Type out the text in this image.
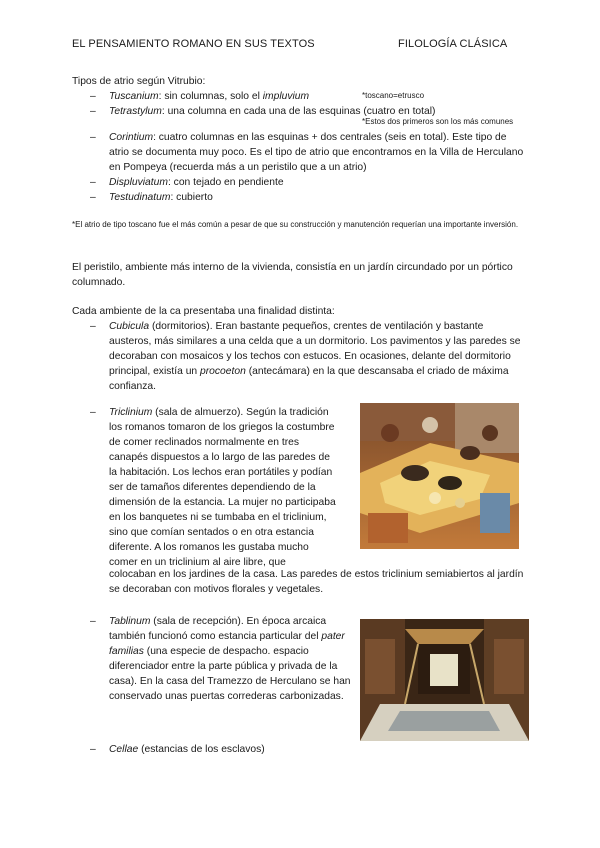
EL PENSAMIENTO ROMANO EN SUS TEXTOS	FILOLOGÍA CLÁSICA
Tipos de atrio según Vitrubio:
– Tuscanium: sin columnas, solo el impluvium
– Tetrastylum: una columna en cada una de las esquinas (cuatro en total)
– Corintium: cuatro columnas en las esquinas + dos centrales (seis en total). Este tipo de atrio se documenta muy poco. Es el tipo de atrio que encontramos en la Villa de Herculano en Pompeya (recuerda más a un peristilo que a un atrio)
– Displuviatum: con tejado en pendiente
– Testudinatum: cubierto
*toscano=etrusco
*Estos dos primeros son los más comunes
*El atrio de tipo toscano fue el más común a pesar de que su construcción y manutención requerían una importante inversión.
El peristilo, ambiente más interno de la vivienda, consistía en un jardín circundado por un pórtico columnado.
Cada ambiente de la ca presentaba una finalidad distinta:
– Cubicula (dormitorios). Eran bastante pequeños, crentes de ventilación y bastante austeros, más similares a una celda que a un dormitorio. Los pavimentos y las paredes se decoraban con mosaicos y los techos con estucos. En ocasiones, delante del dormitorio principal, existía un procoeton (antecámara) en la que descansaba el criado de máxima confianza.
– Triclinium (sala de almuerzo). Según la tradición los romanos tomaron de los griegos la costumbre de comer reclinados normalmente en tres canapés dispuestos a lo largo de las paredes de la habitación. Los lechos eran portátiles y podían ser de tamaños diferentes dependiendo de la dimensión de la estancia. La mujer no participaba en los banquetes ni se tumbaba en el triclinium, sino que comían sentados o en otra estancia diferente. A los romanos les gustaba mucho comer en un triclinium al aire libre, que
colocaban en los jardines de la casa. Las paredes de estos triclinium semiabiertos al jardín se decoraban con motivos florales y vegetales.
– Tablinum (sala de recepción). En época arcaica también funcionó como estancia particular del pater familias (una especie de despacho. espacio diferenciador entre la parte pública y privada de la casa). En la casa del Tramezzo de Herculano se han conservado unas puertas correderas carbonizadas.
– Cellae (estancias de los esclavos)
